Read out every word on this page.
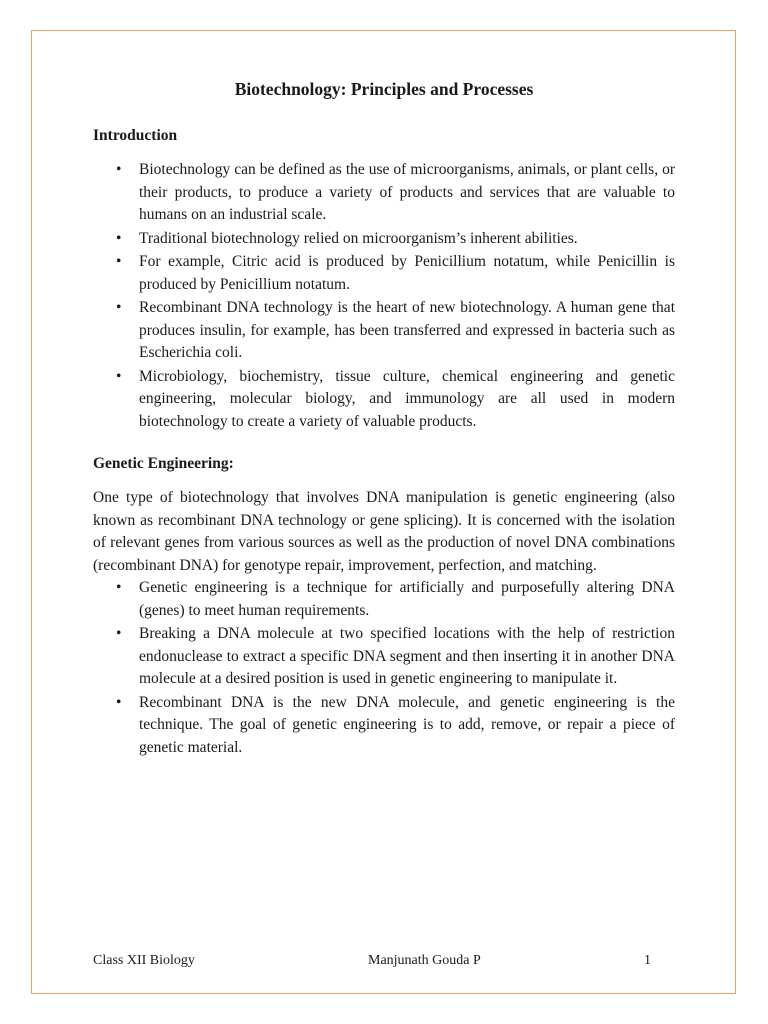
Biotechnology: Principles and Processes
Introduction
• Biotechnology can be defined as the use of microorganisms, animals, or plant cells, or their products, to produce a variety of products and services that are valuable to humans on an industrial scale.
• Traditional biotechnology relied on microorganism’s inherent abilities.
• For example, Citric acid is produced by Penicillium notatum, while Penicillin is produced by Penicillium notatum.
• Recombinant DNA technology is the heart of new biotechnology. A human gene that produces insulin, for example, has been transferred and expressed in bacteria such as Escherichia coli.
• Microbiology, biochemistry, tissue culture, chemical engineering and genetic engineering, molecular biology, and immunology are all used in modern biotechnology to create a variety of valuable products.
Genetic Engineering:

One type of biotechnology that involves DNA manipulation is genetic engineering (also known as recombinant DNA technology or gene splicing). It is concerned with the isolation of relevant genes from various sources as well as the production of novel DNA combinations (recombinant DNA) for genotype repair, improvement, perfection, and matching.

• Genetic engineering is a technique for artificially and purposefully altering DNA (genes) to meet human requirements.
• Breaking a DNA molecule at two specified locations with the help of restriction endonuclease to extract a specific DNA segment and then inserting it in another DNA molecule at a desired position is used in genetic engineering to manipulate it.
• Recombinant DNA is the new DNA molecule, and genetic engineering is the technique. The goal of genetic engineering is to add, remove, or repair a piece of genetic material.
Class XII Biology	Manjunath Gouda P	1
